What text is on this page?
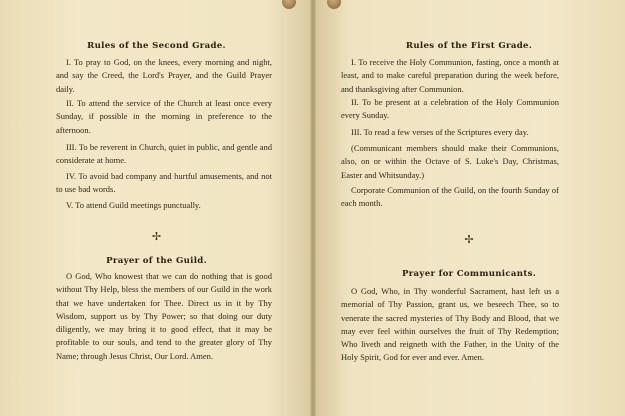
Rules of the Second Grade.

I. To pray to God, on the knees, every morning and night, and say the Creed, the Lord's Prayer, and the Guild Prayer daily.

II. To attend the service of the Church at least once every Sunday, if possible in the morning in preference to the afternoon.

III. To be reverent in Church, quiet in public, and gentle and considerate at home.

IV. To avoid bad company and hurtful amusements, and not to use bad words.

V. To attend Guild meetings punctually.

✢
Prayer of the Guild.

O God, Who knowest that we can do nothing that is good without Thy Help, bless the members of our Guild in the work that we have undertaken for Thee. Direct us in it by Thy Wisdom, support us by Thy Power; so that doing our duty diligently, we may bring it to good effect, that it may be profitable to our souls, and tend to the greater glory of Thy Name; through Jesus Christ, Our Lord. Amen.

Rules of the First Grade.

I. To receive the Holy Communion, fasting, once a month at least, and to make careful preparation during the week before, and thanksgiving after Communion.

II. To be present at a celebration of the Holy Communion every Sunday.

III. To read a few verses of the Scriptures every day.

(Communicant members should make their Communions, also, on or within the Octave of S. Luke's Day, Christmas, Easter and Whitsunday.)

Corporate Communion of the Guild, on the fourth Sunday of each month.

✢
Prayer for Communicants.

O God, Who, in Thy wonderful Sacrament, hast left us a memorial of Thy Passion, grant us, we beseech Thee, so to venerate the sacred mysteries of Thy Body and Blood, that we may ever feel within ourselves the fruit of Thy Redemption; Who liveth and reigneth with the Father, in the Unity of the Holy Spirit, God for ever and ever. Amen.
